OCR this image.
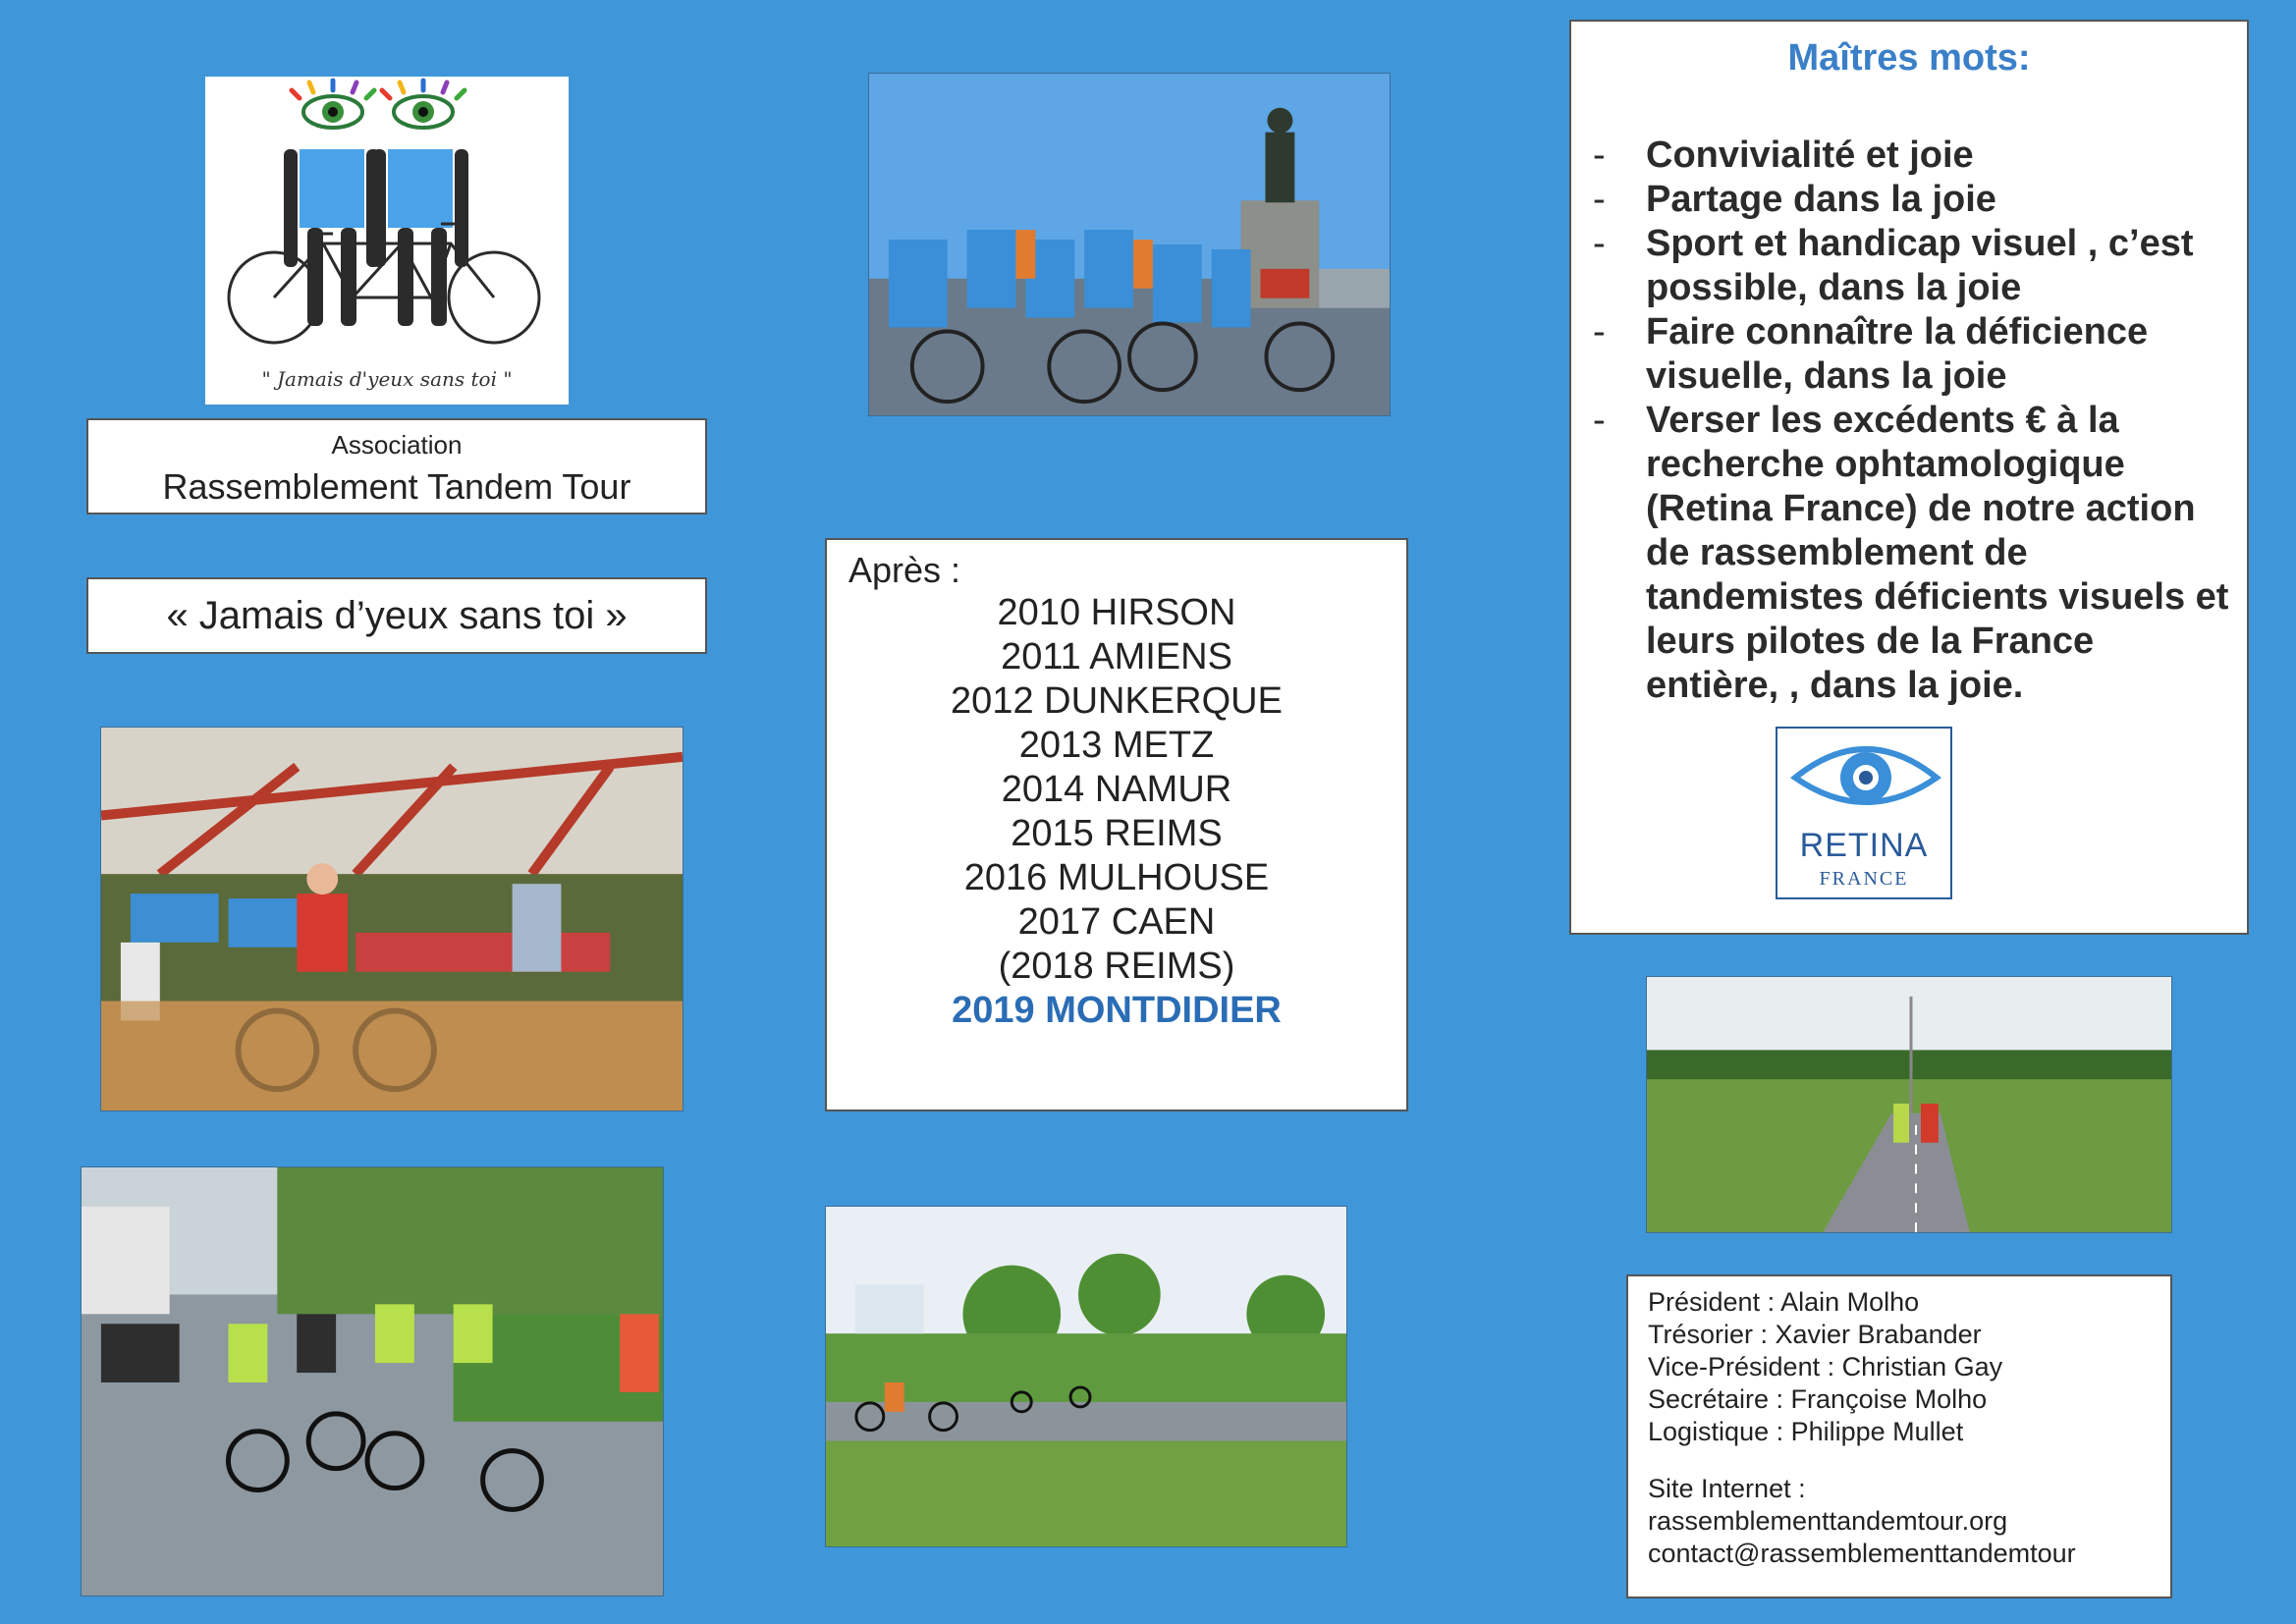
" Jamais d'yeux sans toi "
Association
Rassemblement Tandem Tour
« Jamais d’yeux sans toi »
Après :
2010 HIRSON
2011 AMIENS
2012 DUNKERQUE
2013 METZ
2014 NAMUR
2015 REIMS
2016 MULHOUSE
2017 CAEN
(2018 REIMS)
2019 MONTDIDIER
Maîtres mots:
- Convivialité et joie
- Partage dans la joie
- Sport et handicap visuel , c’est possible, dans la joie
- Faire connaître la déficience visuelle, dans la joie
- Verser les excédents € à la recherche ophtamologique (Retina France) de notre action de rassemblement de tandemistes déficients visuels et leurs pilotes de la France entière, , dans la joie.
RETINA
FRANCE
Président : Alain Molho
Trésorier : Xavier Brabander
Vice-Président : Christian Gay
Secrétaire : Françoise Molho
Logistique : Philippe Mullet
Site Internet :
rassemblementtandemtour.org
contact@rassemblementtandemtour
